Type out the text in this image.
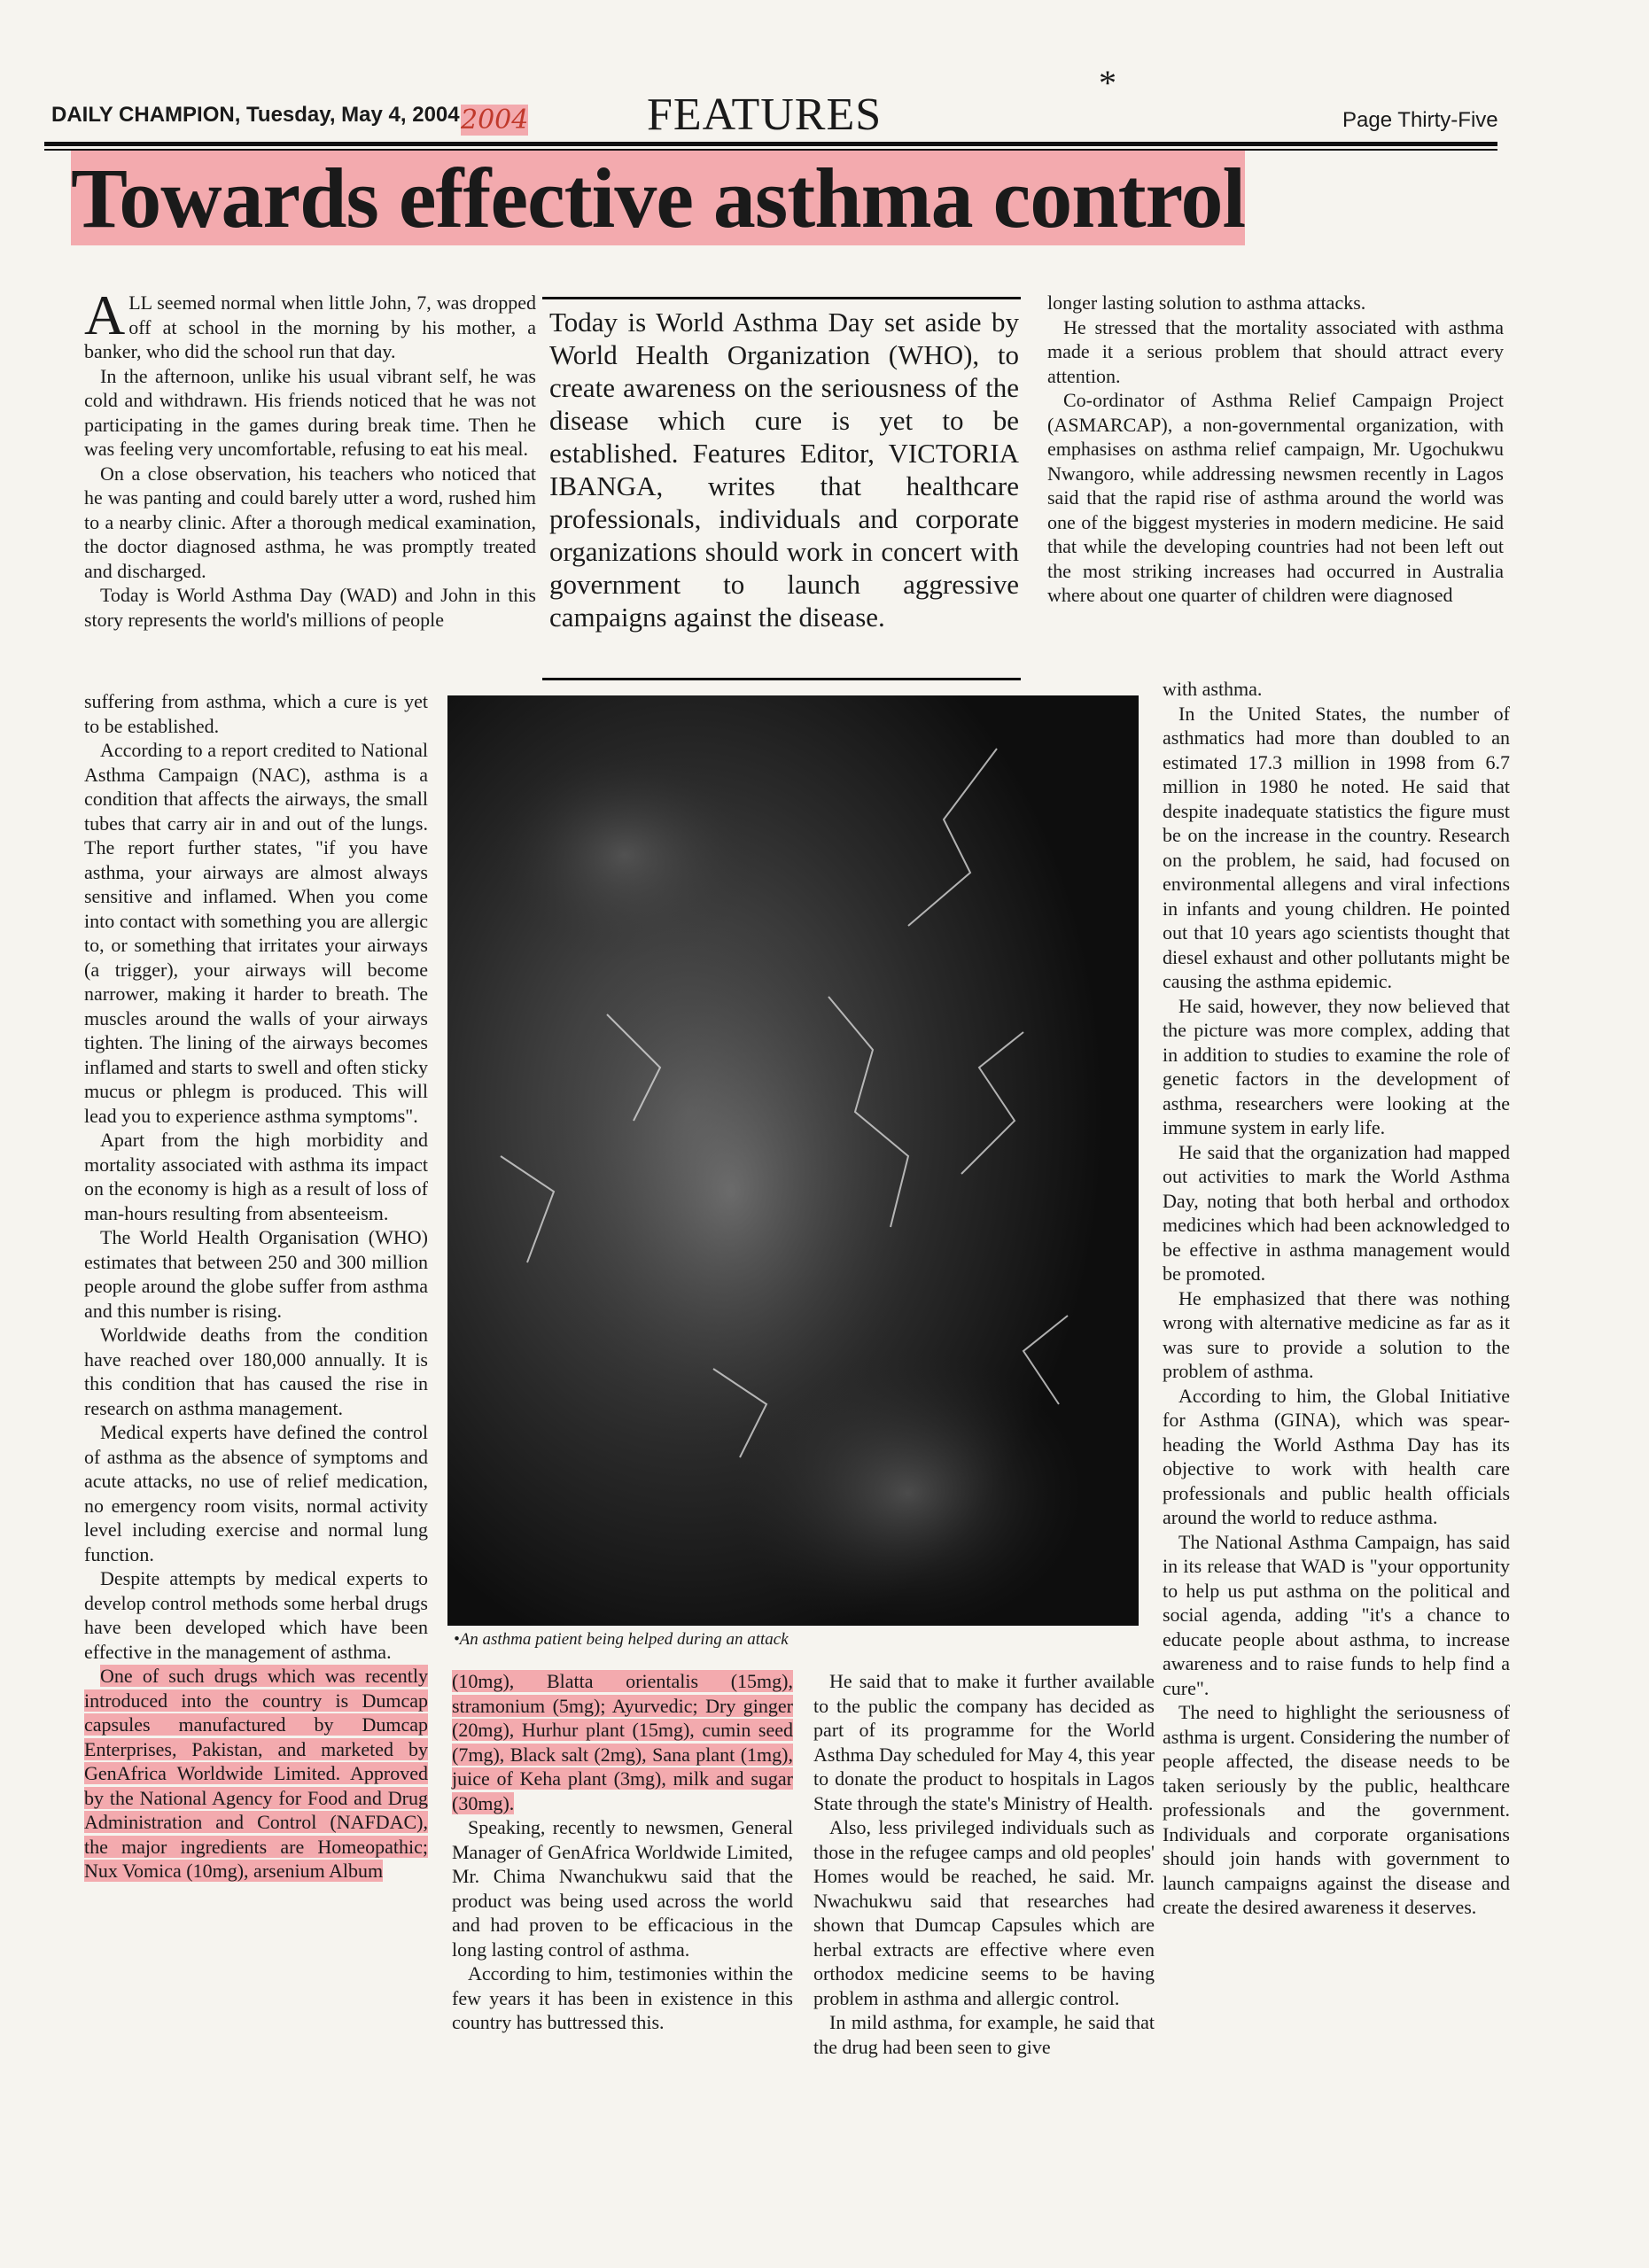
DAILY CHAMPION, Tuesday, May 4, 2004 2004	FEATURES	Page Thirty-Five
*
Towards effective asthma control

ALL seemed normal when little John, 7, was dropped off at school in the morning by his mother, a banker, who did the school run that day.

In the afternoon, unlike his usual vibrant self, he was cold and withdrawn. His friends noticed that he was not participating in the games during break time. Then he was feeling very uncomfortable, refusing to eat his meal.

On a close observation, his teachers who noticed that he was panting and could barely utter a word, rushed him to a nearby clinic. After a thorough medical examination, the doctor diagnosed asthma, he was promptly treated and discharged.

Today is World Asthma Day (WAD) and John in this story represents the world's millions of people

suffering from asthma, which a cure is yet to be established.

According to a report credited to National Asthma Campaign (NAC), asthma is a condition that affects the airways, the small tubes that carry air in and out of the lungs. The report further states, "if you have asthma, your airways are almost always sensitive and inflamed. When you come into contact with something you are allergic to, or something that irritates your airways (a trigger), your airways will become narrower, making it harder to breath. The muscles around the walls of your airways tighten. The lining of the airways becomes inflamed and starts to swell and often sticky mucus or phlegm is produced. This will lead you to experience asthma symptoms".

Apart from the high morbidity and mortality associated with asthma its impact on the economy is high as a result of loss of man-hours resulting from absenteeism.

The World Health Organisation (WHO) estimates that between 250 and 300 million people around the globe suffer from asthma and this number is rising.

Worldwide deaths from the condition have reached over 180,000 annually. It is this condition that has caused the rise in research on asthma management.

Medical experts have defined the control of asthma as the absence of symptoms and acute attacks, no use of relief medication, no emergency room visits, normal activity level including exercise and normal lung function.

Despite attempts by medical experts to develop control methods some herbal drugs have been developed which have been effective in the management of asthma.

One of such drugs which was recently introduced into the country is Dumcap capsules manufactured by Dumcap Enterprises, Pakistan, and marketed by GenAfrica Worldwide Limited. Approved by the National Agency for Food and Drug Administration and Control (NAFDAC), the major ingredients are Homeopathic; Nux Vomica (10mg), arsenium Album

Today is World Asthma Day set aside by World Health Organization (WHO), to create awareness on the seriousness of the disease which cure is yet to be established. Features Editor, VICTORIA IBANGA, writes that healthcare professionals, individuals and corporate organizations should work in concert with government to launch aggressive campaigns against the disease.
•An asthma patient being helped during an attack

(10mg), Blatta orientalis (15mg), stramonium (5mg); Ayurvedic; Dry ginger (20mg), Hurhur plant (15mg), cumin seed (7mg), Black salt (2mg), Sana plant (1mg), juice of Keha plant (3mg), milk and sugar (30mg).

Speaking, recently to newsmen, General Manager of GenAfrica Worldwide Limited, Mr. Chima Nwanchukwu said that the product was being used across the world and had proven to be efficacious in the long lasting control of asthma.

According to him, testimonies within the few years it has been in existence in this country has buttressed this.

He said that to make it further available to the public the company has decided as part of its programme for the World Asthma Day scheduled for May 4, this year to donate the product to hospitals in Lagos State through the state's Ministry of Health.

Also, less privileged individuals such as those in the refugee camps and old peoples' Homes would be reached, he said. Mr. Nwachukwu said that researches had shown that Dumcap Capsules which are herbal extracts are effective where even orthodox medicine seems to be having problem in asthma and allergic control.

In mild asthma, for example, he said that the drug had been seen to give

longer lasting solution to asthma attacks.

He stressed that the mortality associated with asthma made it a serious problem that should attract every attention.

Co-ordinator of Asthma Relief Campaign Project (ASMARCAP), a non-governmental organization, with emphasises on asthma relief campaign, Mr. Ugochukwu Nwangoro, while addressing newsmen recently in Lagos said that the rapid rise of asthma around the world was one of the biggest mysteries in modern medicine. He said that while the developing countries had not been left out the most striking increases had occurred in Australia where about one quarter of children were diagnosed

with asthma.

In the United States, the number of asthmatics had more than doubled to an estimated 17.3 million in 1998 from 6.7 million in 1980 he noted. He said that despite inadequate statistics the figure must be on the increase in the country. Research on the problem, he said, had focused on environmental allegens and viral infections in infants and young children. He pointed out that 10 years ago scientists thought that diesel exhaust and other pollutants might be causing the asthma epidemic.

He said, however, they now believed that the picture was more complex, adding that in addition to studies to examine the role of genetic factors in the development of asthma, researchers were looking at the immune system in early life.

He said that the organization had mapped out activities to mark the World Asthma Day, noting that both herbal and orthodox medicines which had been acknowledged to be effective in asthma management would be promoted.

He emphasized that there was nothing wrong with alternative medicine as far as it was sure to provide a solution to the problem of asthma.

According to him, the Global Initiative for Asthma (GINA), which was spear-heading the World Asthma Day has its objective to work with health care professionals and public health officials around the world to reduce asthma.

The National Asthma Campaign, has said in its release that WAD is "your opportunity to help us put asthma on the political and social agenda, adding "it's a chance to educate people about asthma, to increase awareness and to raise funds to help find a cure".

The need to highlight the seriousness of asthma is urgent. Considering the number of people affected, the disease needs to be taken seriously by the public, healthcare professionals and the government. Individuals and corporate organisations should join hands with government to launch campaigns against the disease and create the desired awareness it deserves.
